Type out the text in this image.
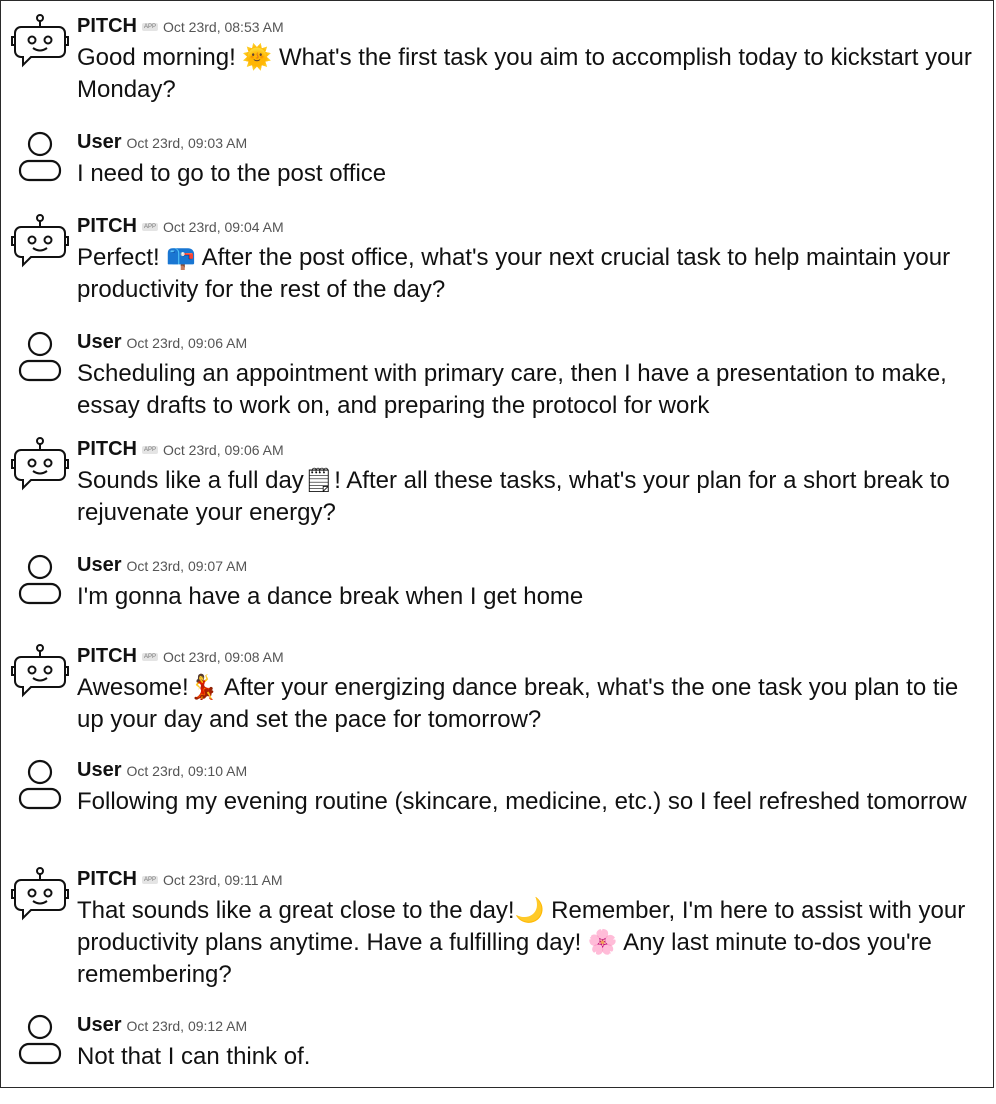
PITCH APP Oct 23rd, 08:53 AM
Good morning! 🌞 What's the first task you aim to accomplish today to kickstart your Monday?
User Oct 23rd, 09:03 AM
I need to go to the post office
PITCH APP Oct 23rd, 09:04 AM
Perfect! 📪 After the post office, what's your next crucial task to help maintain your productivity for the rest of the day?
User Oct 23rd, 09:06 AM
Scheduling an appointment with primary care, then I have a presentation to make, essay drafts to work on, and preparing the protocol for work
PITCH APP Oct 23rd, 09:06 AM
Sounds like a full day🗒! After all these tasks, what's your plan for a short break to rejuvenate your energy?
User Oct 23rd, 09:07 AM
I'm gonna have a dance break when I get home
PITCH APP Oct 23rd, 09:08 AM
Awesome!💃 After your energizing dance break, what's the one task you plan to tie up your day and set the pace for tomorrow?
User Oct 23rd, 09:10 AM
Following my evening routine (skincare, medicine, etc.) so I feel refreshed tomorrow
PITCH APP Oct 23rd, 09:11 AM
That sounds like a great close to the day!🌙 Remember, I'm here to assist with your productivity plans anytime. Have a fulfilling day! 🌸 Any last minute to-dos you're remembering?
User Oct 23rd, 09:12 AM
Not that I can think of.
